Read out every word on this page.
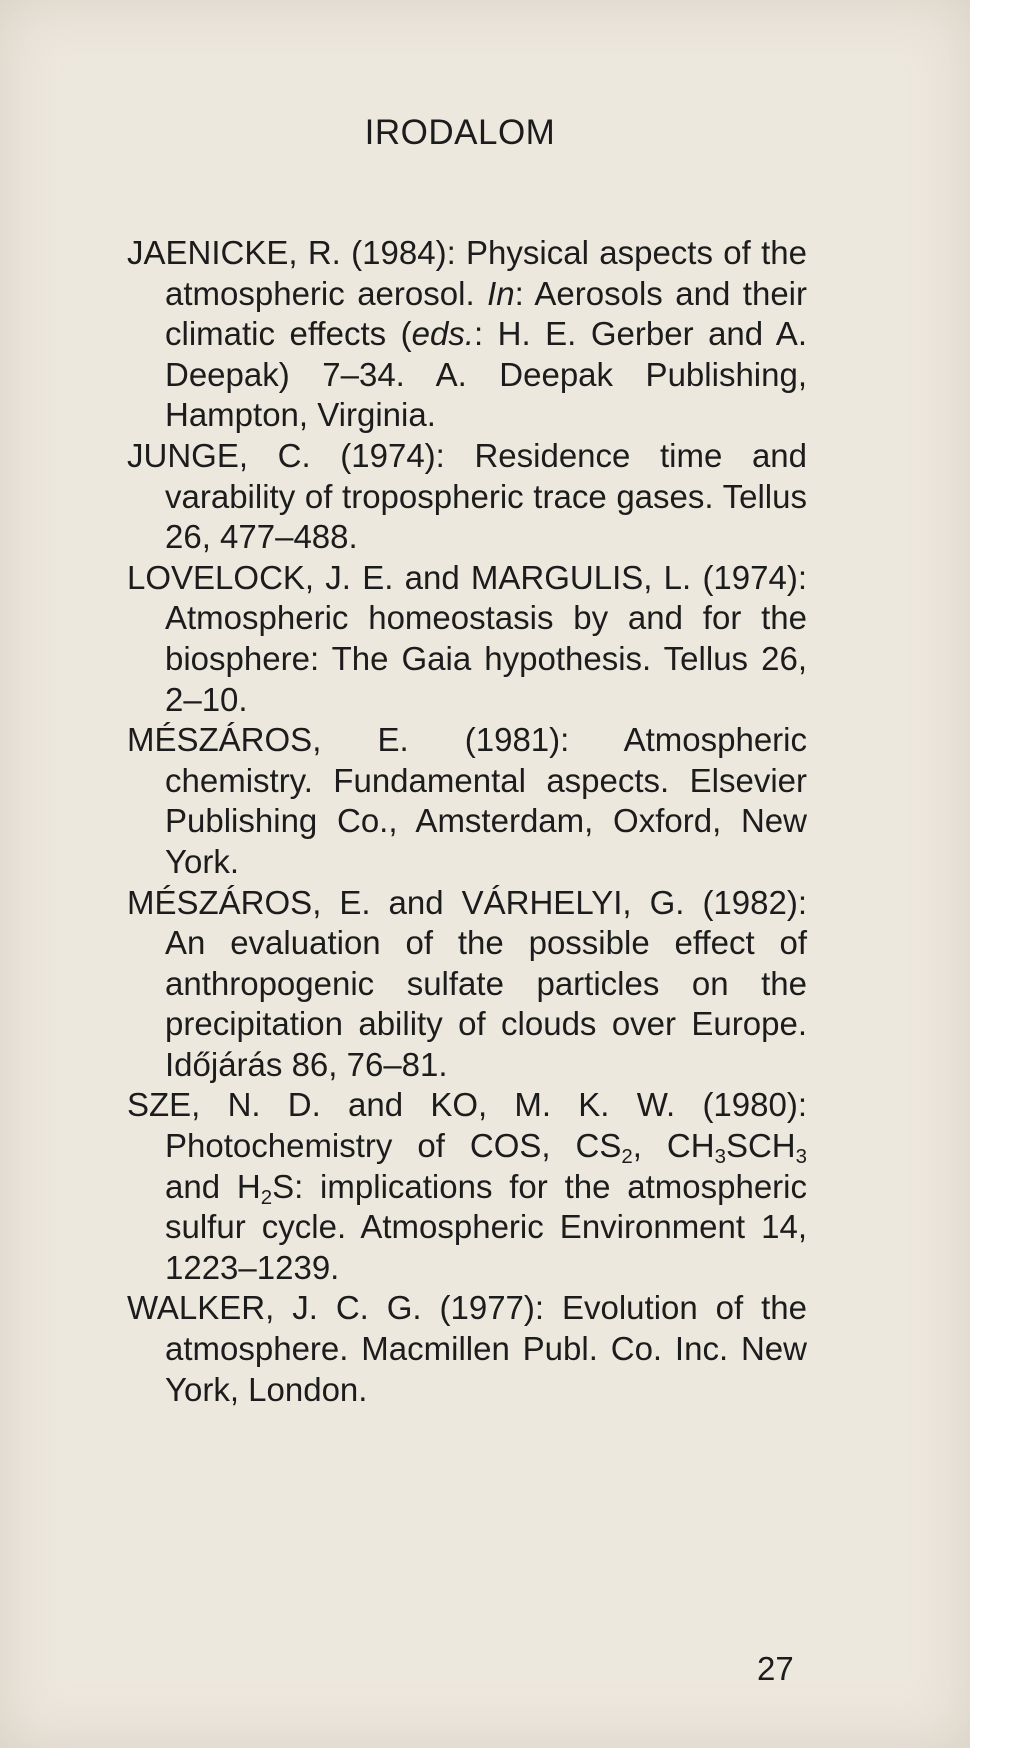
IRODALOM
JAENICKE, R. (1984): Physical aspects of the atmospheric aerosol. In: Aerosols and their climatic effects (eds.: H. E. Gerber and A. Deepak) 7–34. A. Deepak Publishing, Hampton, Virginia.
JUNGE, C. (1974): Residence time and varability of tropospheric trace gases. Tellus 26, 477–488.
LOVELOCK, J. E. and MARGULIS, L. (1974): Atmospheric homeostasis by and for the biosphere: The Gaia hypothesis. Tellus 26, 2–10.
MÉSZÁROS, E. (1981): Atmospheric chemistry. Fundamental aspects. Elsevier Publishing Co., Amsterdam, Oxford, New York.
MÉSZÁROS, E. and VÁRHELYI, G. (1982): An evaluation of the possible effect of anthropogenic sulfate particles on the precipitation ability of clouds over Europe. Időjárás 86, 76–81.
SZE, N. D. and KO, M. K. W. (1980): Photochemistry of COS, $CS_2$, $CH_3SCH_3$ and $H_2S$: implications for the atmospheric sulfur cycle. Atmospheric Environment 14, 1223–1239.
WALKER, J. C. G. (1977): Evolution of the atmosphere. Macmillen Publ. Co. Inc. New York, London.
27
